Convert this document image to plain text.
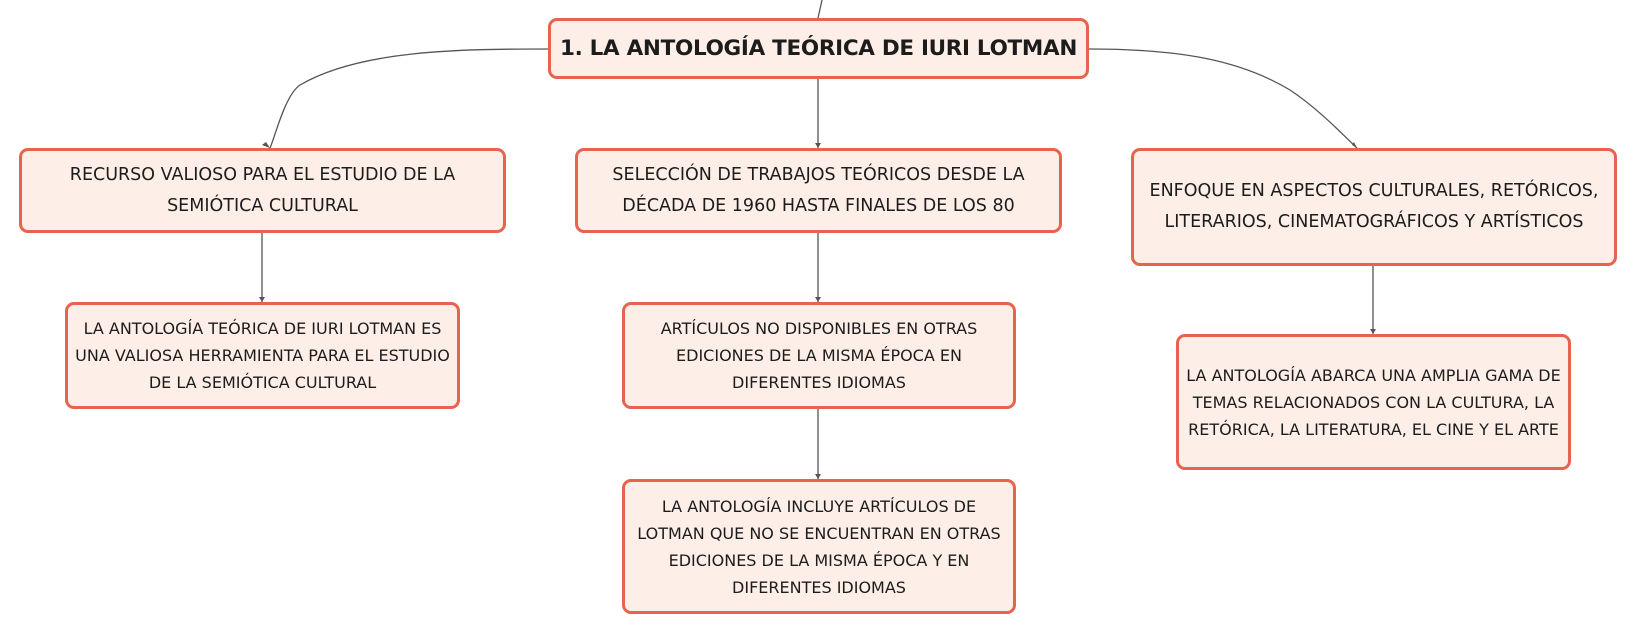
1. LA ANTOLOGÍA TEÓRICA DE IURI LOTMAN
RECURSO VALIOSO PARA EL ESTUDIO DE LA SEMIÓTICA CULTURAL
SELECCIÓN DE TRABAJOS TEÓRICOS DESDE LA DÉCADA DE 1960 HASTA FINALES DE LOS 80
ENFOQUE EN ASPECTOS CULTURALES, RETÓRICOS, LITERARIOS, CINEMATOGRÁFICOS Y ARTÍSTICOS
LA ANTOLOGÍA TEÓRICA DE IURI LOTMAN ES UNA VALIOSA HERRAMIENTA PARA EL ESTUDIO DE LA SEMIÓTICA CULTURAL
ARTÍCULOS NO DISPONIBLES EN OTRAS EDICIONES DE LA MISMA ÉPOCA EN DIFERENTES IDIOMAS
LA ANTOLOGÍA INCLUYE ARTÍCULOS DE LOTMAN QUE NO SE ENCUENTRAN EN OTRAS EDICIONES DE LA MISMA ÉPOCA Y EN DIFERENTES IDIOMAS
LA ANTOLOGÍA ABARCA UNA AMPLIA GAMA DE TEMAS RELACIONADOS CON LA CULTURA, LA RETÓRICA, LA LITERATURA, EL CINE Y EL ARTE
